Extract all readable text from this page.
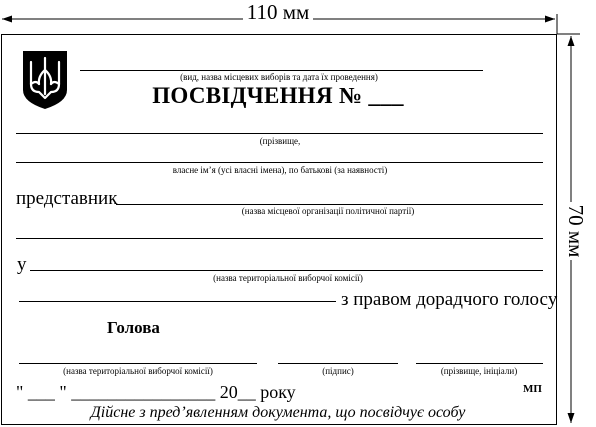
110 мм
70 мм
(вид, назва місцевих виборів та дата їх проведення)
ПОСВІДЧЕННЯ № ___
(прізвище,
власне ім’я (усі власні імена), по батькові (за наявності)
представник
(назва місцевої організації політичної партії)
у
(назва територіальної виборчої комісії)
з правом дорадчого голосу
Голова
(назва територіальної виборчої комісії)	(підпис)	(прізвище, ініціали)
" ___ " ________________ 20__ року	МП
Дійсне з пред’явленням документа, що посвідчує особу
